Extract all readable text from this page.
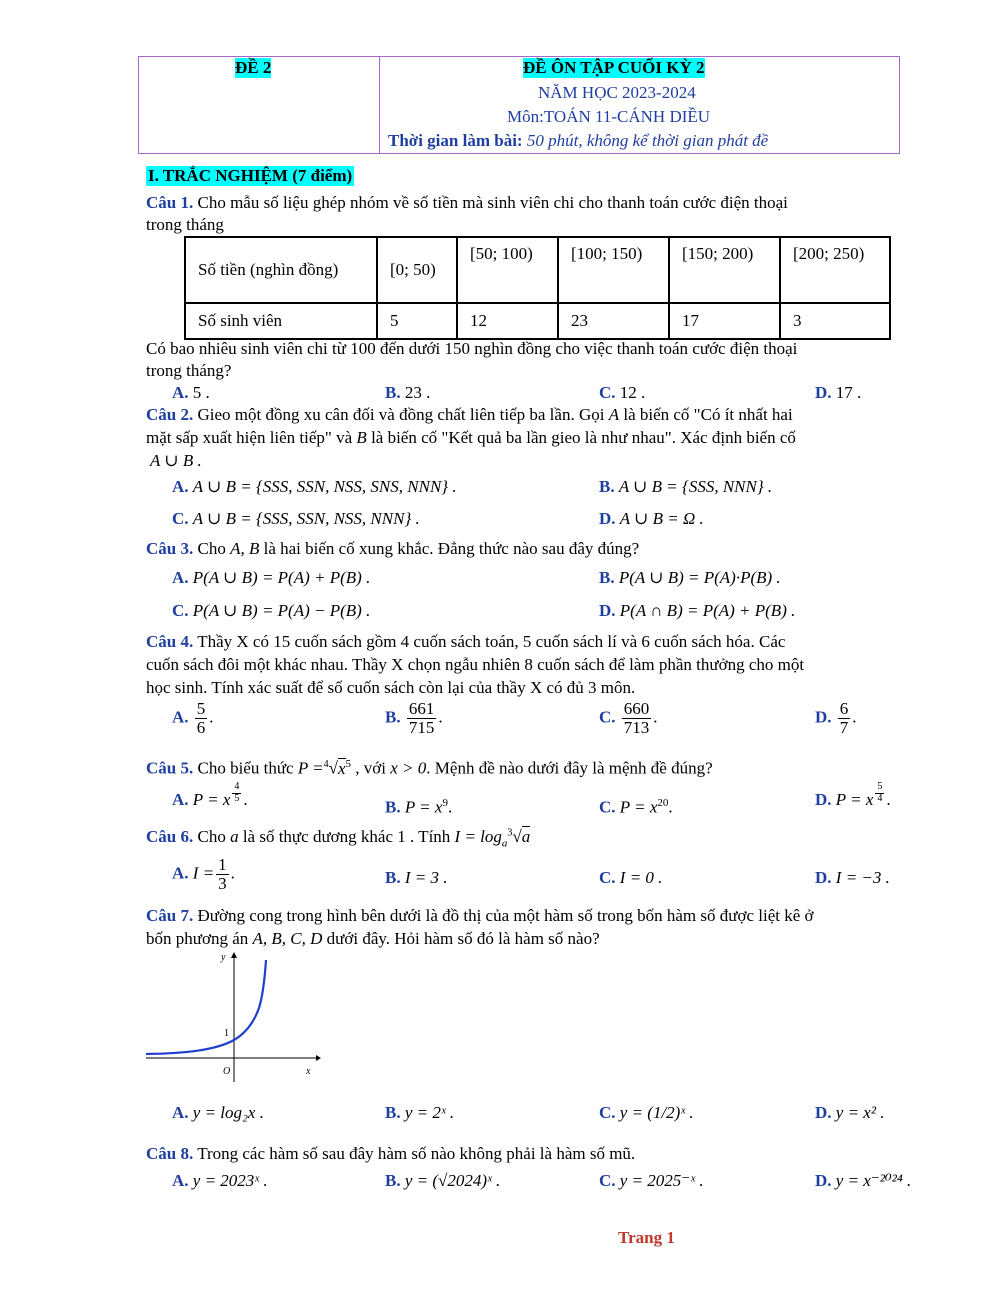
ĐỀ 2	ĐỀ ÔN TẬP CUỐI KỲ 2
NĂM HỌC 2023-2024
Môn:TOÁN 11-CÁNH DIỀU
Thời gian làm bài: 50 phút, không kể thời gian phát đề
I. TRẮC NGHIỆM (7 điểm)
Câu 1. Cho mẫu số liệu ghép nhóm về số tiền mà sinh viên chi cho thanh toán cước điện thoại
trong tháng
Số tiền (nghìn đồng)	[0; 50)	[50; 100)	[100; 150)	[150; 200)	[200; 250)
Số sinh viên	5	12	23	17	3
Có bao nhiêu sinh viên chi từ 100 đến dưới 150 nghìn đồng cho việc thanh toán cước điện thoại
trong tháng?
A. 5 .	B. 23 .	C. 12 .	D. 17 .
Câu 2. Gieo một đồng xu cân đối và đồng chất liên tiếp ba lần. Gọi A là biến cố "Có ít nhất hai
mặt sấp xuất hiện liên tiếp" và B là biến cố "Kết quả ba lần gieo là như nhau". Xác định biến cố
A ∪ B .
A. A ∪ B = {SSS, SSN, NSS, SNS, NNN} .	B. A ∪ B = {SSS, NNN} .
C. A ∪ B = {SSS, SSN, NSS, NNN} .	D. A ∪ B = Ω .
Câu 3. Cho A, B là hai biến cố xung khắc. Đẳng thức nào sau đây đúng?
A. P(A ∪ B) = P(A) + P(B) .	B. P(A ∪ B) = P(A)·P(B) .
C. P(A ∪ B) = P(A) − P(B) .	D. P(A ∩ B) = P(A) + P(B) .
Câu 4. Thầy X có 15 cuốn sách gồm 4 cuốn sách toán, 5 cuốn sách lí và 6 cuốn sách hóa. Các
cuốn sách đôi một khác nhau. Thầy X chọn ngẫu nhiên 8 cuốn sách để làm phần thưởng cho một
học sinh. Tính xác suất để số cuốn sách còn lại của thầy X có đủ 3 môn.
A. $\frac{5}{6}$ .	B. $\frac{661}{715}$ .	C. $\frac{660}{713}$ .	D. $\frac{6}{7}$ .
Câu 5. Cho biểu thức $P =^4√x^5$ , với x > 0. Mệnh đề nào dưới đây là mệnh đề đúng?
A. P = x $\frac{4}{5}$ .	B. $P = x^9$.	C. $P = x^{20}$.	D. P = x $\frac{5}{4}$ .
Câu 6. Cho a là số thực dương khác 1 . Tính $I = \log_a^3√a$
A. $I = \frac{1}{3}$ .	B. I = 3 .	C. I = 0 .	D. I = −3 .
Câu 7. Đường cong trong hình bên dưới là đồ thị của một hàm số trong bốn hàm số được liệt kê ở
bốn phương án A, B, C, D dưới đây. Hỏi hàm số đó là hàm số nào?
y
x
O
1
A. y = log₂x .	B. y = 2ˣ .	C. y = (1/2)ˣ .	D. y = x² .
Câu 8. Trong các hàm số sau đây hàm số nào không phải là hàm số mũ.
A. y = 2023ˣ .	B. y = (√2024)ˣ .	C. y = 2025⁻ˣ .	D. y = x⁻²⁰²⁴ .
Trang 1
